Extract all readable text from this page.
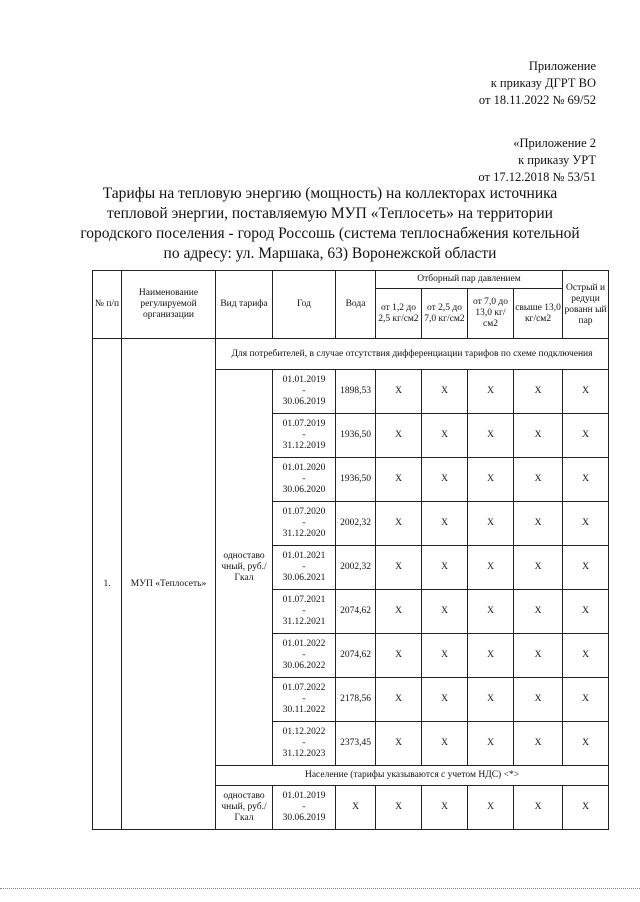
Приложение
к приказу ДГРТ ВО
от 18.11.2022 № 69/52
«Приложение 2
к приказу УРТ
от 17.12.2018 № 53/51
Тарифы на тепловую энергию (мощность) на коллекторах источника
тепловой энергии, поставляемую МУП «Теплосеть» на территории
городского поселения - город Россошь (система теплоснабжения котельной
по адресу: ул. Маршака, 63) Воронежской области
№ п/п	Наименование регулируемой организации	Вид тарифа	Год	Вода	Отборный пар давлением				Острый и редуци рованн ый пар
					от 1,2 до 2,5 кг/см2	от 2,5 до 7,0 кг/см2	от 7,0 до 13,0 кг/см2	свыше 13,0 кг/см2	
1.	МУП «Теплосеть»	Для потребителей, в случае отсутствия дифференциации тарифов по схеме подключения							
		одноставо чный, руб./Гкал	01.01.2019
-
30.06.2019	1898,53	X	X	X	X	X

			01.07.2019
-
31.12.2019	1936,50	X	X	X	X	X

			01.01.2020
-
30.06.2020	1936,50	X	X	X	X	X

			01.07.2020
-
31.12.2020	2002,32	X	X	X	X	X

			01.01.2021
-
30.06.2021	2002,32	X	X	X	X	X

			01.07.2021
-
31.12.2021	2074,62	X	X	X	X	X

			01.01.2022
-
30.06.2022	2074,62	X	X	X	X	X

			01.07.2022
-
30.11.2022	2178,56	X	X	X	X	X

			01.12.2022
-
31.12.2023	2373,45	X	X	X	X	X
		Население (тарифы указываются с учетом НДС) <*>							
		одноставо чный, руб./Гкал	01.01.2019
-
30.06.2019	X	X	X	X	X	X
